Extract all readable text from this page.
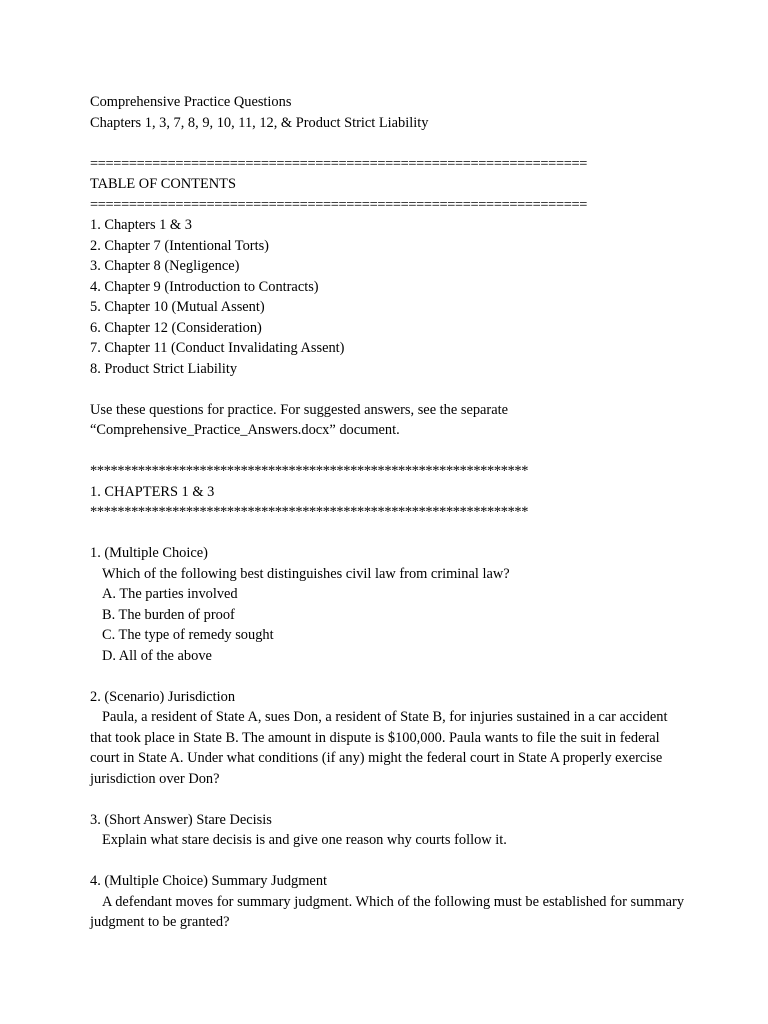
Comprehensive Practice Questions
Chapters 1, 3, 7, 8, 9, 10, 11, 12, & Product Strict Liability
================================================================
TABLE OF CONTENTS
================================================================
1. Chapters 1 & 3
2. Chapter 7 (Intentional Torts)
3. Chapter 8 (Negligence)
4. Chapter 9 (Introduction to Contracts)
5. Chapter 10 (Mutual Assent)
6. Chapter 12 (Consideration)
7. Chapter 11 (Conduct Invalidating Assent)
8. Product Strict Liability
Use these questions for practice. For suggested answers, see the separate
“Comprehensive_Practice_Answers.docx” document.
****************************************************************
1. CHAPTERS 1 & 3
****************************************************************
1. (Multiple Choice)
Which of the following best distinguishes civil law from criminal law?
A. The parties involved
B. The burden of proof
C. The type of remedy sought
D. All of the above
2. (Scenario) Jurisdiction
Paula, a resident of State A, sues Don, a resident of State B, for injuries sustained in a car accident that took place in State B. The amount in dispute is $100,000. Paula wants to file the suit in federal court in State A. Under what conditions (if any) might the federal court in State A properly exercise jurisdiction over Don?
3. (Short Answer) Stare Decisis
Explain what stare decisis is and give one reason why courts follow it.
4. (Multiple Choice) Summary Judgment
A defendant moves for summary judgment. Which of the following must be established for summary judgment to be granted?
